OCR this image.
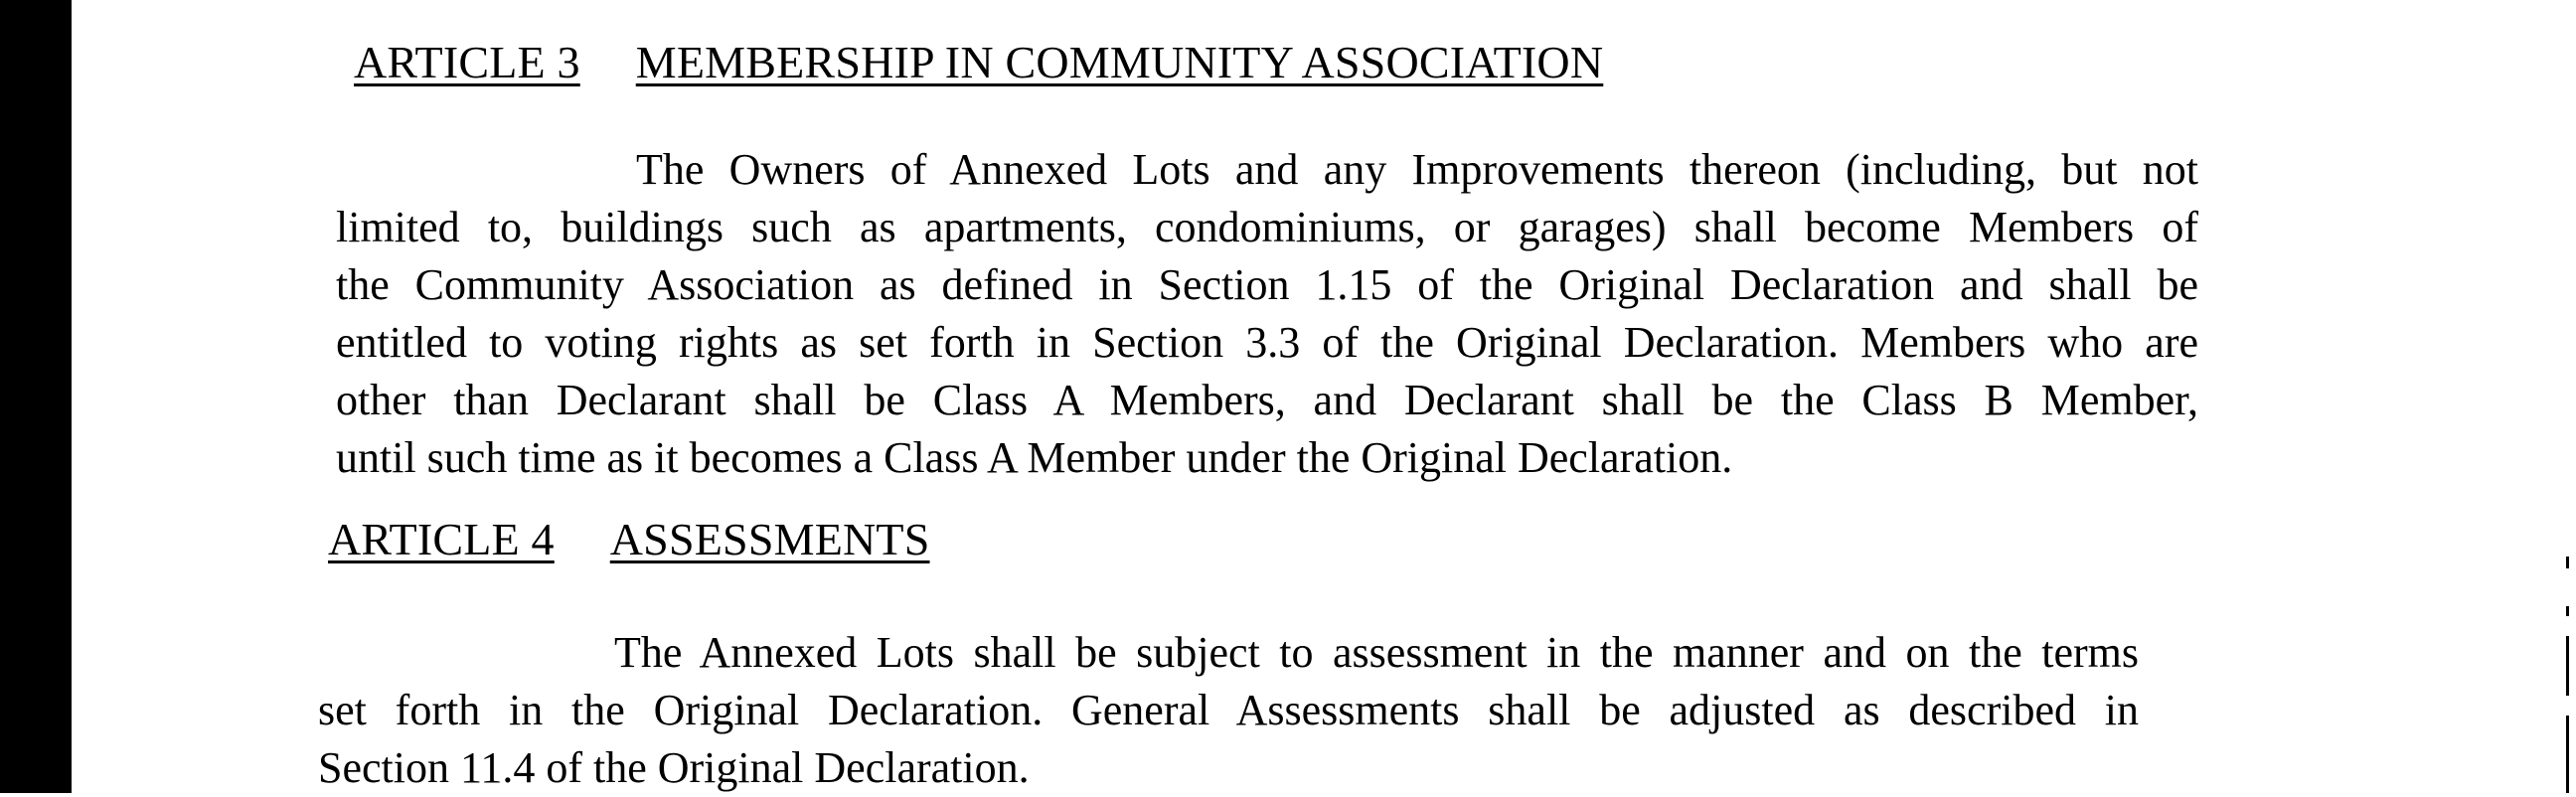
ARTICLE 3 MEMBERSHIP IN COMMUNITY ASSOCIATION
The Owners of Annexed Lots and any Improvements thereon (including, but not
limited to, buildings such as apartments, condominiums, or garages) shall become Members of
the Community Association as defined in Section 1.15 of the Original Declaration and shall be
entitled to voting rights as set forth in Section 3.3 of the Original Declaration. Members who are
other than Declarant shall be Class A Members, and Declarant shall be the Class B Member,
until such time as it becomes a Class A Member under the Original Declaration.
ARTICLE 4 ASSESSMENTS
The Annexed Lots shall be subject to assessment in the manner and on the terms
set forth in the Original Declaration. General Assessments shall be adjusted as described in
Section 11.4 of the Original Declaration.
